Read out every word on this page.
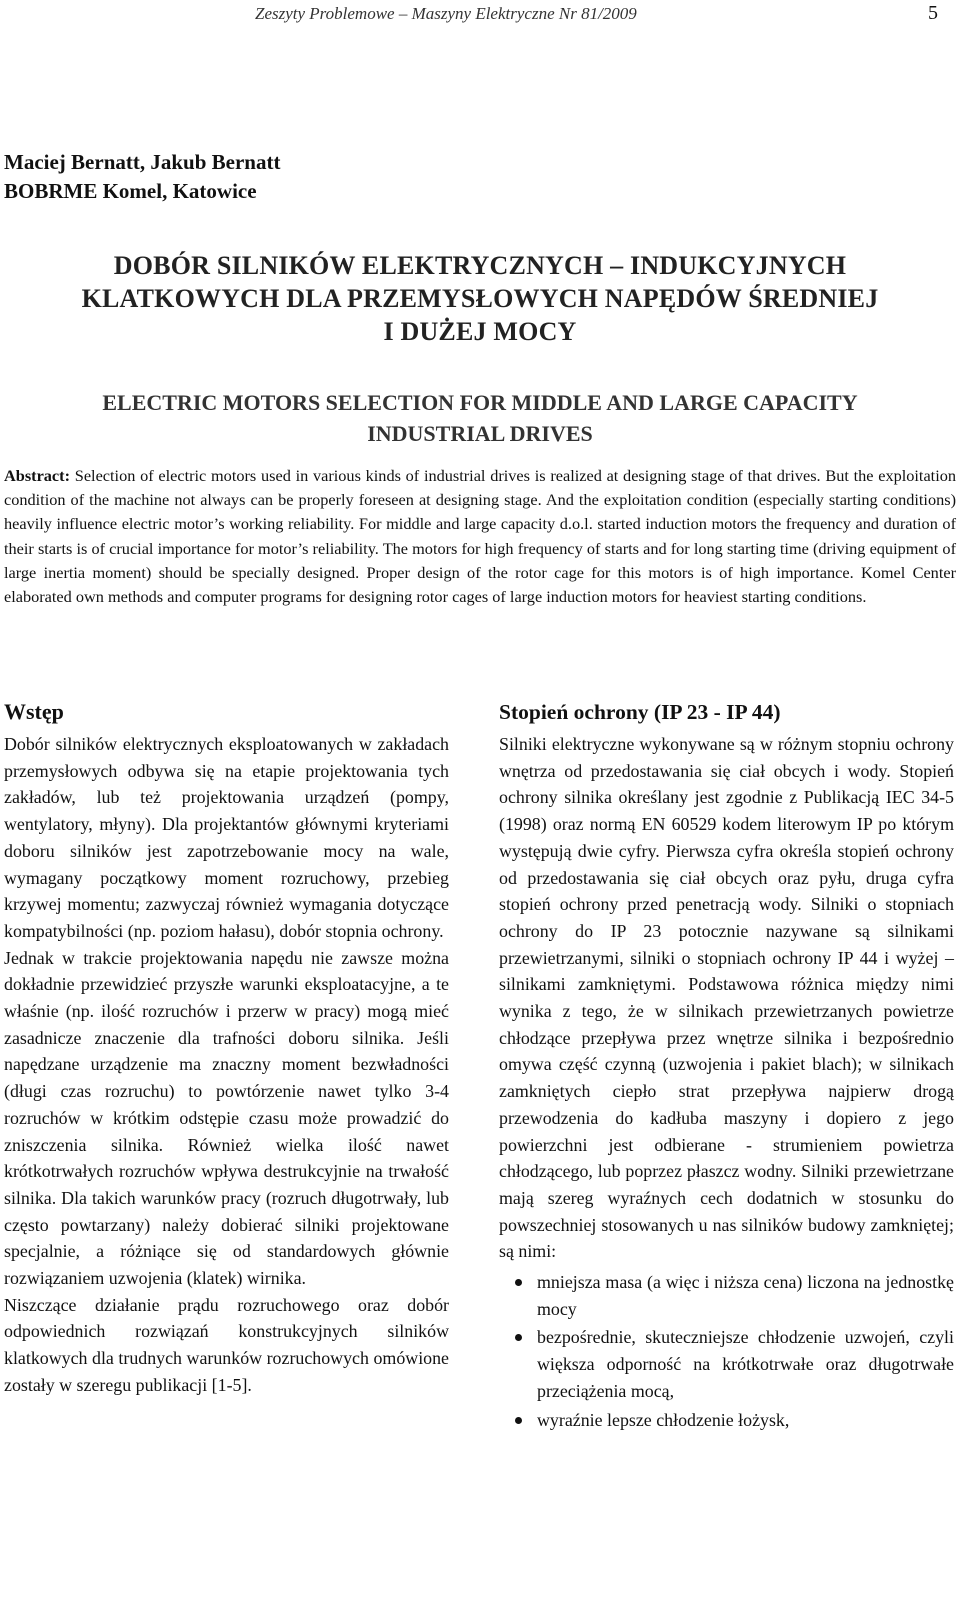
Zeszyty Problemowe – Maszyny Elektryczne Nr 81/2009	5
Maciej Bernatt, Jakub Bernatt
BOBRME Komel, Katowice
DOBÓR SILNIKÓW ELEKTRYCZNYCH – INDUKCYJNYCH
KLATKOWYCH DLA PRZEMYSŁOWYCH NAPĘDÓW ŚREDNIEJ
I DUŻEJ MOCY
ELECTRIC MOTORS SELECTION FOR MIDDLE AND LARGE CAPACITY
INDUSTRIAL DRIVES
Abstract: Selection of electric motors used in various kinds of industrial drives is realized at designing stage of that drives. But the exploitation condition of the machine not always can be properly foreseen at designing stage. And the exploitation condition (especially starting conditions) heavily influence electric motor’s working reliability. For middle and large capacity d.o.l. started induction motors the frequency and duration of their starts is of crucial importance for motor’s reliability. The motors for high frequency of starts and for long starting time (driving equipment of large inertia moment) should be specially designed. Proper design of the rotor cage for this motors is of high importance. Komel Center elaborated own methods and computer programs for designing rotor cages of large induction motors for heaviest starting conditions.
Wstęp

Dobór silników elektrycznych eksploatowanych w zakładach przemysłowych odbywa się na etapie projektowania tych zakładów, lub też projektowania urządzeń (pompy, wentylatory, młyny). Dla projektantów głównymi kryteriami doboru silników jest zapotrzebowanie mocy na wale, wymagany początkowy moment rozruchowy, przebieg krzywej momentu; zazwyczaj również wymagania dotyczące kompatybilności (np. poziom hałasu), dobór stopnia ochrony.

Jednak w trakcie projektowania napędu nie zawsze można dokładnie przewidzieć przyszłe warunki eksploatacyjne, a te właśnie (np. ilość rozruchów i przerw w pracy) mogą mieć zasadnicze znaczenie dla trafności doboru silnika. Jeśli napędzane urządzenie ma znaczny moment bezwładności (długi czas rozruchu) to powtórzenie nawet tylko 3-4 rozruchów w krótkim odstępie czasu może prowadzić do zniszczenia silnika. Również wielka ilość nawet krótkotrwałych rozruchów wpływa destrukcyjnie na trwałość silnika. Dla takich warunków pracy (rozruch długotrwały, lub często powtarzany) należy dobierać silniki projektowane specjalnie, a różniące się od standardowych głównie rozwiązaniem uzwojenia (klatek) wirnika.

Niszczące działanie prądu rozruchowego oraz dobór odpowiednich rozwiązań konstrukcyjnych silników klatkowych dla trudnych warunków rozruchowych omówione zostały w szeregu publikacji [1-5].

Stopień ochrony (IP 23 - IP 44)

Silniki elektryczne wykonywane są w różnym stopniu ochrony wnętrza od przedostawania się ciał obcych i wody. Stopień ochrony silnika określany jest zgodnie z Publikacją IEC 34-5 (1998) oraz normą EN 60529 kodem literowym IP po którym występują dwie cyfry. Pierwsza cyfra określa stopień ochrony od przedostawania się ciał obcych oraz pyłu, druga cyfra stopień ochrony przed penetracją wody. Silniki o stopniach ochrony do IP 23 potocznie nazywane są silnikami przewietrzanymi, silniki o stopniach ochrony IP 44 i wyżej – silnikami zamkniętymi. Podstawowa różnica między nimi wynika z tego, że w silnikach przewietrzanych powietrze chłodzące przepływa przez wnętrze silnika i bezpośrednio omywa część czynną (uzwojenia i pakiet blach); w silnikach zamkniętych ciepło strat przepływa najpierw drogą przewodzenia do kadłuba maszyny i dopiero z jego powierzchni jest odbierane - strumieniem powietrza chłodzącego, lub poprzez płaszcz wodny. Silniki przewietrzane mają szereg wyraźnych cech dodatnich w stosunku do powszechniej stosowanych u nas silników budowy zamkniętej; są nimi:

mniejsza masa (a więc i niższa cena) liczona na jednostkę mocy
bezpośrednie, skuteczniejsze chłodzenie uzwojeń, czyli większa odporność na krótkotrwałe oraz długotrwałe przeciążenia mocą,
wyraźnie lepsze chłodzenie łożysk,
